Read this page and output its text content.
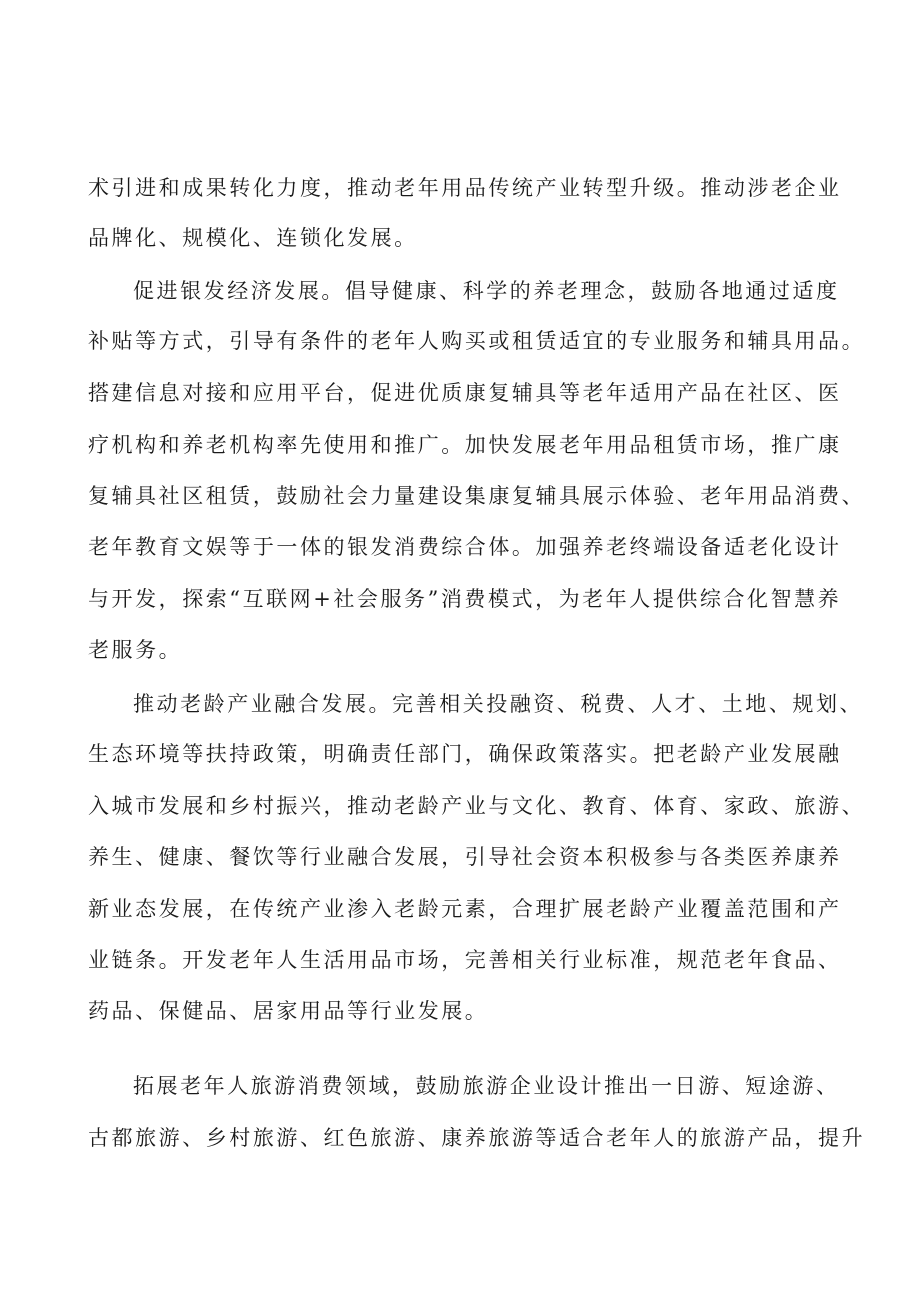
术引进和成果转化力度，推动老年用品传统产业转型升级。推动涉老企业
品牌化、规模化、连锁化发展。
促进银发经济发展。倡导健康、科学的养老理念，鼓励各地通过适度
补贴等方式，引导有条件的老年人购买或租赁适宜的专业服务和辅具用品。
搭建信息对接和应用平台，促进优质康复辅具等老年适用产品在社区、医
疗机构和养老机构率先使用和推广。加快发展老年用品租赁市场，推广康
复辅具社区租赁，鼓励社会力量建设集康复辅具展示体验、老年用品消费、
老年教育文娱等于一体的银发消费综合体。加强养老终端设备适老化设计
与开发，探索“互联网+社会服务”消费模式，为老年人提供综合化智慧养
老服务。
推动老龄产业融合发展。完善相关投融资、税费、人才、土地、规划、
生态环境等扶持政策，明确责任部门，确保政策落实。把老龄产业发展融
入城市发展和乡村振兴，推动老龄产业与文化、教育、体育、家政、旅游、
养生、健康、餐饮等行业融合发展，引导社会资本积极参与各类医养康养
新业态发展，在传统产业渗入老龄元素，合理扩展老龄产业覆盖范围和产
业链条。开发老年人生活用品市场，完善相关行业标准，规范老年食品、
药品、保健品、居家用品等行业发展。
拓展老年人旅游消费领域，鼓励旅游企业设计推出一日游、短途游、
古都旅游、乡村旅游、红色旅游、康养旅游等适合老年人的旅游产品，提升
